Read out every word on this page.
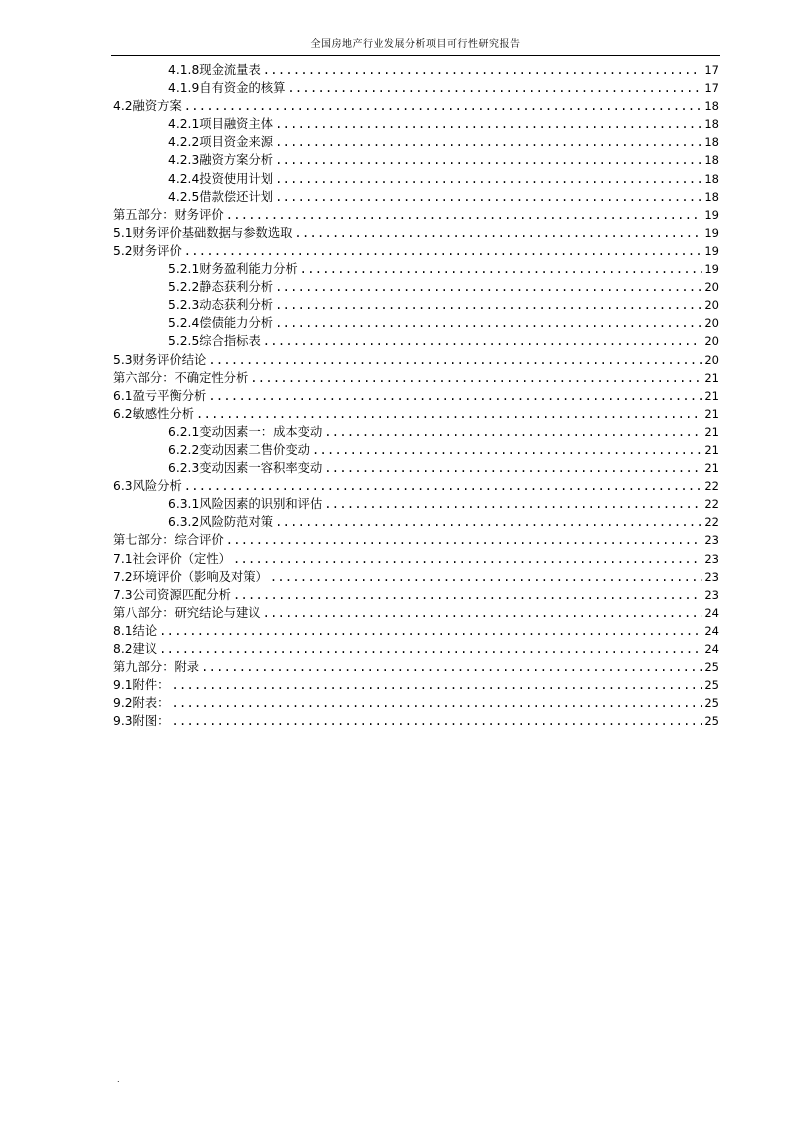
全国房地产行业发展分析项目可行性研究报告
4.1.8现金流量表 .....	17
4.1.9自有资金的核算 .....	17
4.2融资方案 .....	18
4.2.1项目融资主体 .....	18
4.2.2项目资金来源 .....	18
4.2.3融资方案分析 .....	18
4.2.4投资使用计划 .....	18
4.2.5借款偿还计划 .....	18
第五部分：财务评价 .....	19
5.1财务评价基础数据与参数选取 .....	19
5.2财务评价 .....	19
5.2.1财务盈利能力分析 .....	19
5.2.2静态获利分析 .....	20
5.2.3动态获利分析 .....	20
5.2.4偿债能力分析 .....	20
5.2.5综合指标表 .....	20
5.3财务评价结论 .....	20
第六部分：不确定性分析 .....	21
6.1盈亏平衡分析 .....	21
6.2敏感性分析 .....	21
6.2.1变动因素一：成本变动 .....	21
6.2.2变动因素二售价变动 .....	21
6.2.3变动因素一容积率变动 .....	21
6.3风险分析 .....	22
6.3.1风险因素的识别和评估 .....	22
6.3.2风险防范对策 .....	22
第七部分：综合评价 .....	23
7.1社会评价（定性） .....	23
7.2环境评价（影响及对策） .....	23
7.3公司资源匹配分析 .....	23
第八部分：研究结论与建议 .....	24
8.1结论 .....	24
8.2建议 .....	24
第九部分：附录 .....	25
9.1附件： .....	25
9.2附表： .....	25
9.3附图： .....	25
.
